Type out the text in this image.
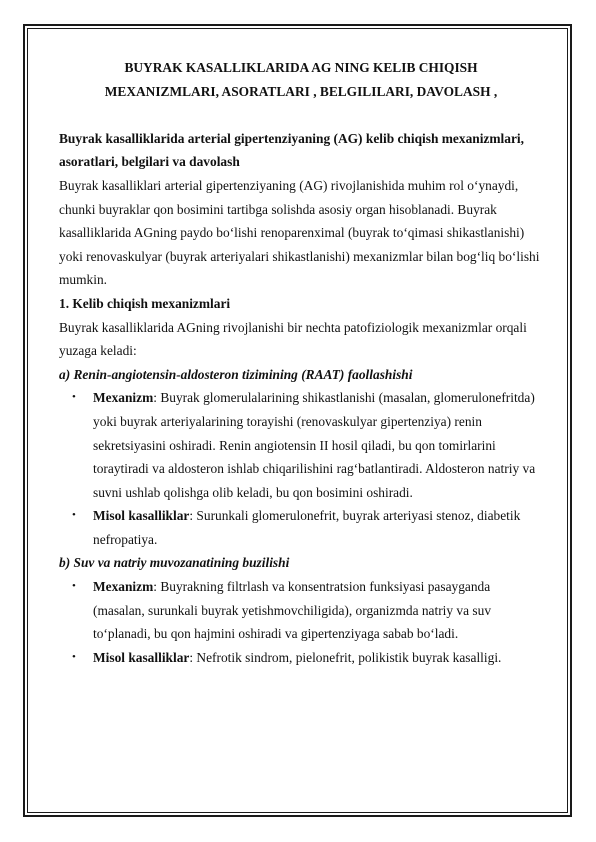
BUYRAK KASALLIKLARIDA AG NING KELIB CHIQISH
MEXANIZMLARI, ASORATLARI , BELGILILARI, DAVOLASH ,

Buyrak kasalliklarida arterial gipertenziyaning (AG) kelib chiqish mexanizmlari, asoratlari, belgilari va davolash

Buyrak kasalliklari arterial gipertenziyaning (AG) rivojlanishida muhim rol o‘ynaydi, chunki buyraklar qon bosimini tartibga solishda asosiy organ hisoblanadi. Buyrak kasalliklarida AGning paydo bo‘lishi renoparenximal (buyrak to‘qimasi shikastlanishi) yoki renovaskulyar (buyrak arteriyalari shikastlanishi) mexanizmlar bilan bog‘liq bo‘lishi mumkin.

1. Kelib chiqish mexanizmlari

Buyrak kasalliklarida AGning rivojlanishi bir nechta patofiziologik mexanizmlar orqali yuzaga keladi:

a) Renin-angiotensin-aldosteron tizimining (RAAT) faollashishi

• Mexanizm: Buyrak glomerulalarining shikastlanishi (masalan, glomerulonefritda) yoki buyrak arteriyalarining torayishi (renovaskulyar gipertenziya) renin sekretsiyasini oshiradi. Renin angiotensin II hosil qiladi, bu qon tomirlarini toraytiradi va aldosteron ishlab chiqarilishini rag‘batlantiradi. Aldosteron natriy va suvni ushlab qolishga olib keladi, bu qon bosimini oshiradi.
• Misol kasalliklar: Surunkali glomerulonefrit, buyrak arteriyasi stenoz, diabetik nefropatiya.

b) Suv va natriy muvozanatining buzilishi

• Mexanizm: Buyrakning filtrlash va konsentratsion funksiyasi pasayganda (masalan, surunkali buyrak yetishmovchiligida), organizmda natriy va suv to‘planadi, bu qon hajmini oshiradi va gipertenziyaga sabab bo‘ladi.
• Misol kasalliklar: Nefrotik sindrom, pielonefrit, polikistik buyrak kasalligi.
